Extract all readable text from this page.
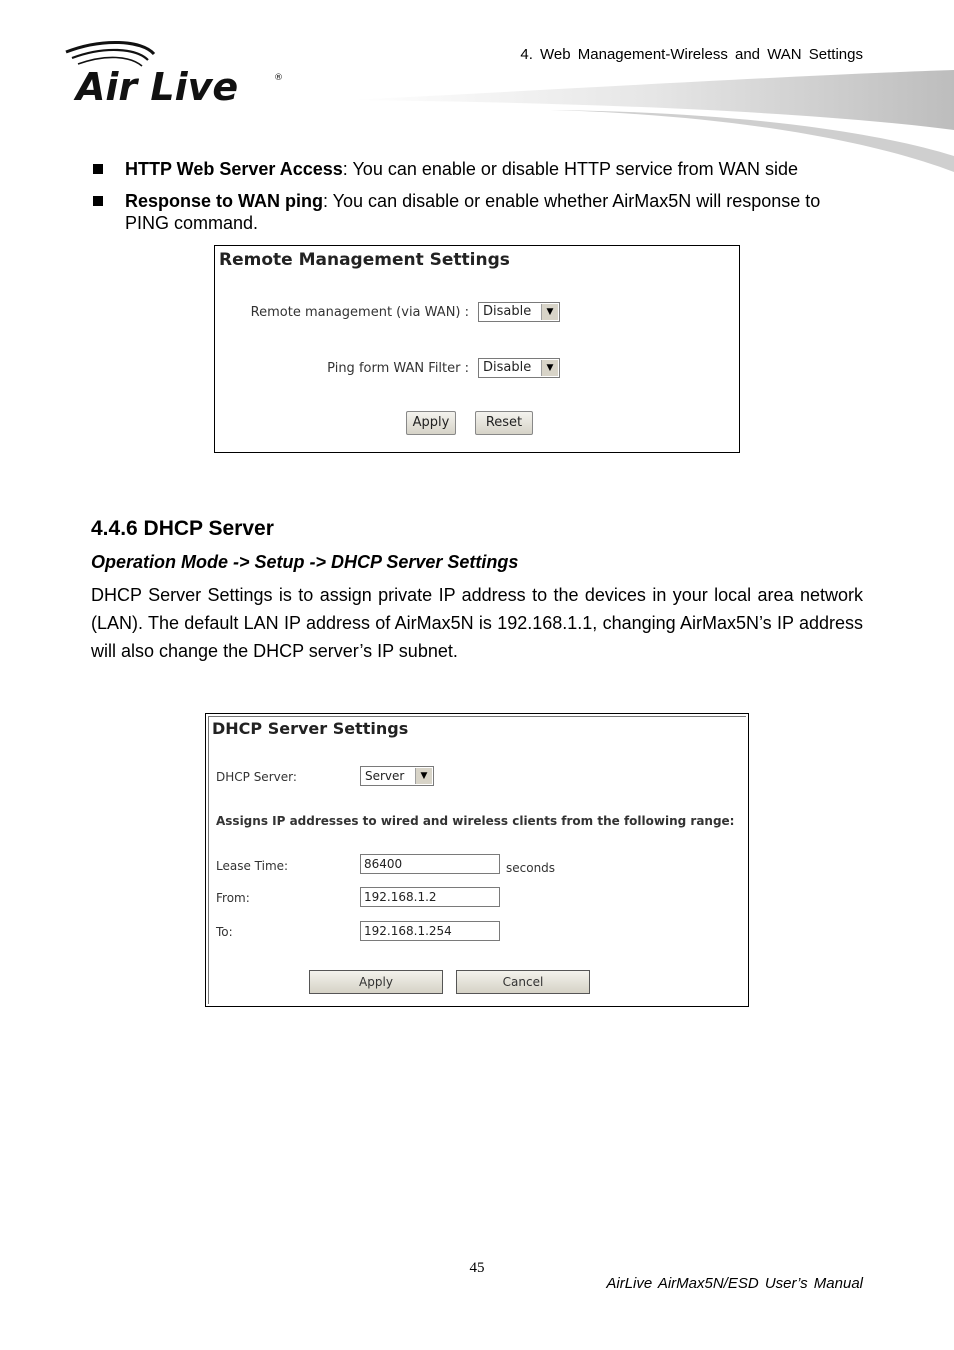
4. Web Management-Wireless and WAN Settings
Air Live	®
HTTP Web Server Access: You can enable or disable HTTP service from WAN side
Response to WAN ping: You can disable or enable whether AirMax5N will response to PING command.
Remote Management Settings
Remote management (via WAN) :	Disable	▼
Ping form WAN Filter :	Disable	▼
Apply	Reset
4.4.6 DHCP Server
Operation Mode -> Setup -> DHCP Server Settings
DHCP Server Settings is to assign private IP address to the devices in your local area network (LAN). The default LAN IP address of AirMax5N is 192.168.1.1, changing AirMax5N’s IP address will also change the DHCP server’s IP subnet.
DHCP Server Settings
DHCP Server:	Server	▼
Assigns IP addresses to wired and wireless clients from the following range:
Lease Time:	86400	seconds
From:	192.168.1.2
To:	192.168.1.254
Apply	Cancel
45
AirLive AirMax5N/ESD User’s Manual
